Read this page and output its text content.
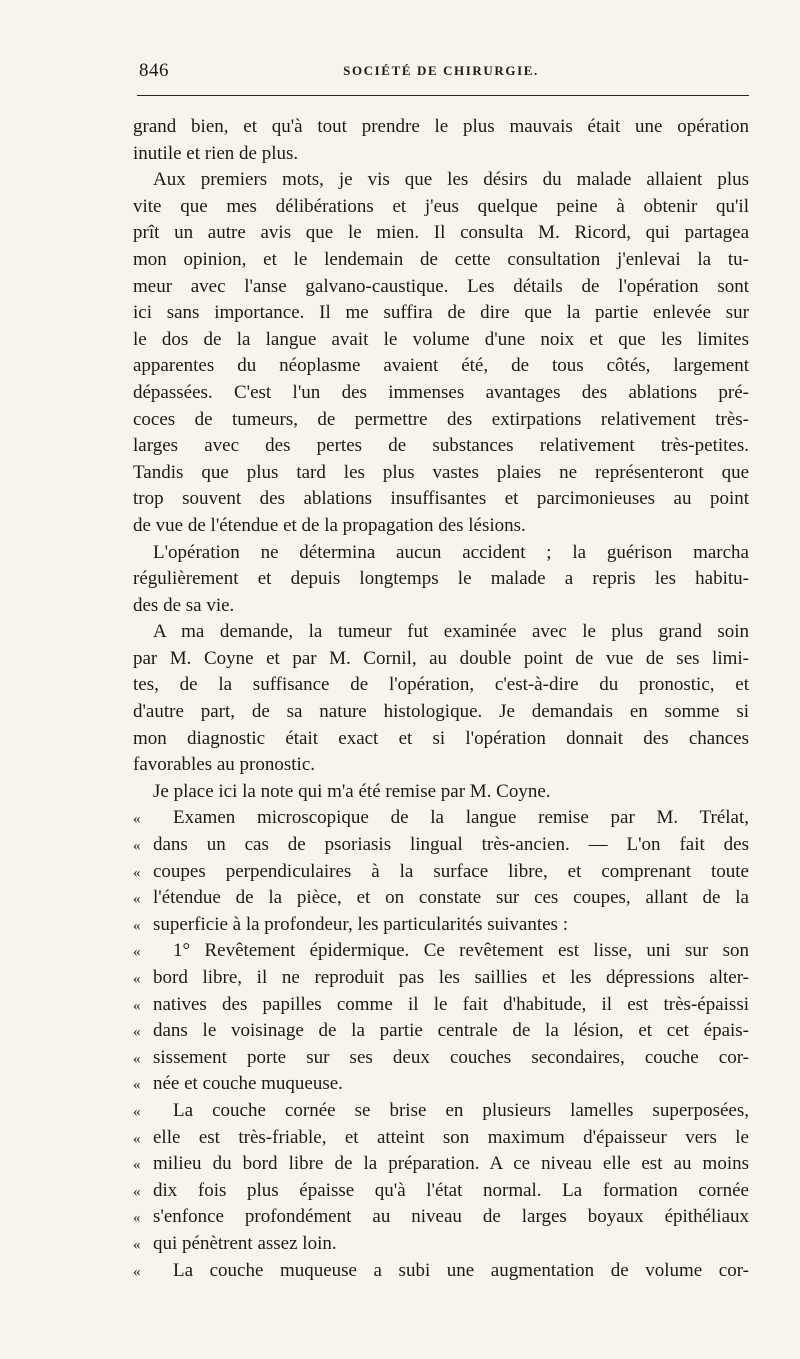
846	SOCIÉTÉ DE CHIRURGIE.
grand bien, et qu'à tout prendre le plus mauvais était une opération
inutile et rien de plus.
Aux premiers mots, je vis que les désirs du malade allaient plus
vite que mes délibérations et j'eus quelque peine à obtenir qu'il
prît un autre avis que le mien. Il consulta M. Ricord, qui partagea
mon opinion, et le lendemain de cette consultation j'enlevai la tu-
meur avec l'anse galvano-caustique. Les détails de l'opération sont
ici sans importance. Il me suffira de dire que la partie enlevée sur
le dos de la langue avait le volume d'une noix et que les limites
apparentes du néoplasme avaient été, de tous côtés, largement
dépassées. C'est l'un des immenses avantages des ablations pré-
coces de tumeurs, de permettre des extirpations relativement très-
larges avec des pertes de substances relativement très-petites.
Tandis que plus tard les plus vastes plaies ne représenteront que
trop souvent des ablations insuffisantes et parcimonieuses au point
de vue de l'étendue et de la propagation des lésions.
L'opération ne détermina aucun accident ; la guérison marcha
régulièrement et depuis longtemps le malade a repris les habitu-
des de sa vie.
A ma demande, la tumeur fut examinée avec le plus grand soin
par M. Coyne et par M. Cornil, au double point de vue de ses limi-
tes, de la suffisance de l'opération, c'est-à-dire du pronostic, et
d'autre part, de sa nature histologique. Je demandais en somme si
mon diagnostic était exact et si l'opération donnait des chances
favorables au pronostic.
Je place ici la note qui m'a été remise par M. Coyne.
« Examen microscopique de la langue remise par M. Trélat,
« dans un cas de psoriasis lingual très-ancien. — L'on fait des
« coupes perpendiculaires à la surface libre, et comprenant toute
« l'étendue de la pièce, et on constate sur ces coupes, allant de la
« superficie à la profondeur, les particularités suivantes :
« 1° Revêtement épidermique. Ce revêtement est lisse, uni sur son
« bord libre, il ne reproduit pas les saillies et les dépressions alter-
« natives des papilles comme il le fait d'habitude, il est très-épaissi
« dans le voisinage de la partie centrale de la lésion, et cet épais-
« sissement porte sur ses deux couches secondaires, couche cor-
« née et couche muqueuse.
« La couche cornée se brise en plusieurs lamelles superposées,
« elle est très-friable, et atteint son maximum d'épaisseur vers le
« milieu du bord libre de la préparation. A ce niveau elle est au moins
« dix fois plus épaisse qu'à l'état normal. La formation cornée
« s'enfonce profondément au niveau de larges boyaux épithéliaux
« qui pénètrent assez loin.
« La couche muqueuse a subi une augmentation de volume cor-
